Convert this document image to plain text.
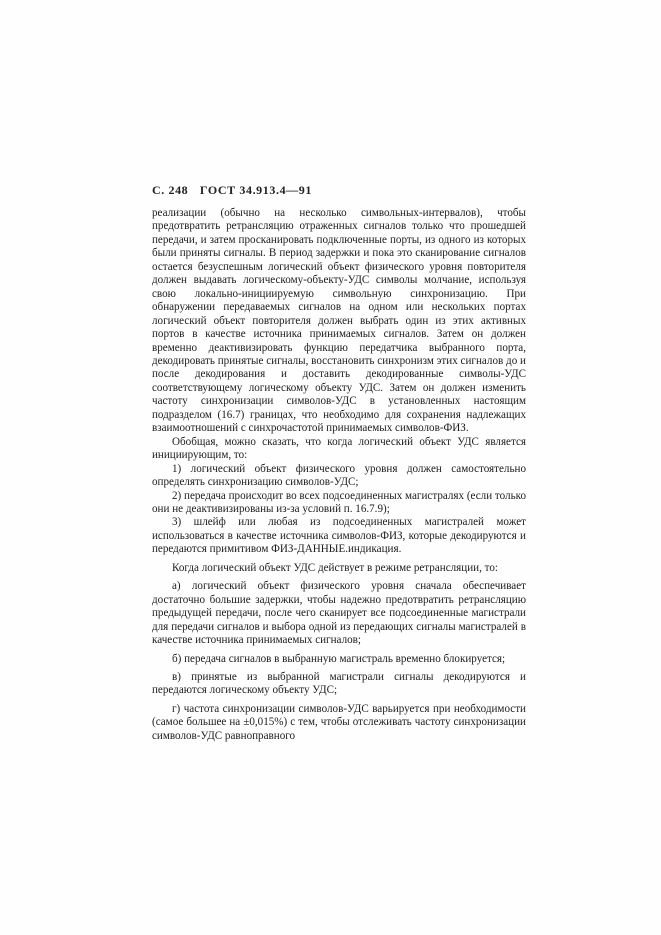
С. 248 ГОСТ 34.913.4—91

реализации (обычно на несколько символьных-интервалов), чтобы предотвратить ретрансляцию отраженных сигналов только что прошедшей передачи, и затем просканировать подключенные порты, из одного из которых были приняты сигналы. В период задержки и пока это сканирование сигналов остается безуспешным логический объект физического уровня повторителя должен выдавать логическому-объекту-УДС символы молчание, используя свою локально-инициируемую символьную синхронизацию. При обнаружении передаваемых сигналов на одном или нескольких портах логический объект повторителя должен выбрать один из этих активных портов в качестве источника принимаемых сигналов. Затем он должен временно деактивизировать функцию передатчика выбранного порта, декодировать принятые сигналы, восстановить синхронизм этих сигналов до и после декодирования и доставить декодированные символы-УДС соответствующему логическому объекту УДС. Затем он должен изменить частоту синхронизации символов-УДС в установленных настоящим подразделом (16.7) границах, что необходимо для сохранения надлежащих взаимоотношений с синхрочастотой принимаемых символов-ФИЗ.

Обобщая, можно сказать, что когда логический объект УДС является инициирующим, то:

1) логический объект физического уровня должен самостоятельно определять синхронизацию символов-УДС;

2) передача происходит во всех подсоединенных магистралях (если только они не деактивизированы из-за условий п. 16.7.9);

3) шлейф или любая из подсоединенных магистралей может использоваться в качестве источника символов-ФИЗ, которые декодируются и передаются примитивом ФИЗ-ДАННЫЕ.индикация.

Когда логический объект УДС действует в режиме ретрансляции, то:

а) логический объект физического уровня сначала обеспечивает достаточно большие задержки, чтобы надежно предотвратить ретрансляцию предыдущей передачи, после чего сканирует все подсоединенные магистрали для передачи сигналов и выбора одной из передающих сигналы магистралей в качестве источника принимаемых сигналов;

б) передача сигналов в выбранную магистраль временно блокируется;

в) принятые из выбранной магистрали сигналы декодируются и передаются логическому объекту УДС;

г) частота синхронизации символов-УДС варьируется при необходимости (самое большее на ±0,015%) с тем, чтобы отслеживать частоту синхронизации символов-УДС равноправного
